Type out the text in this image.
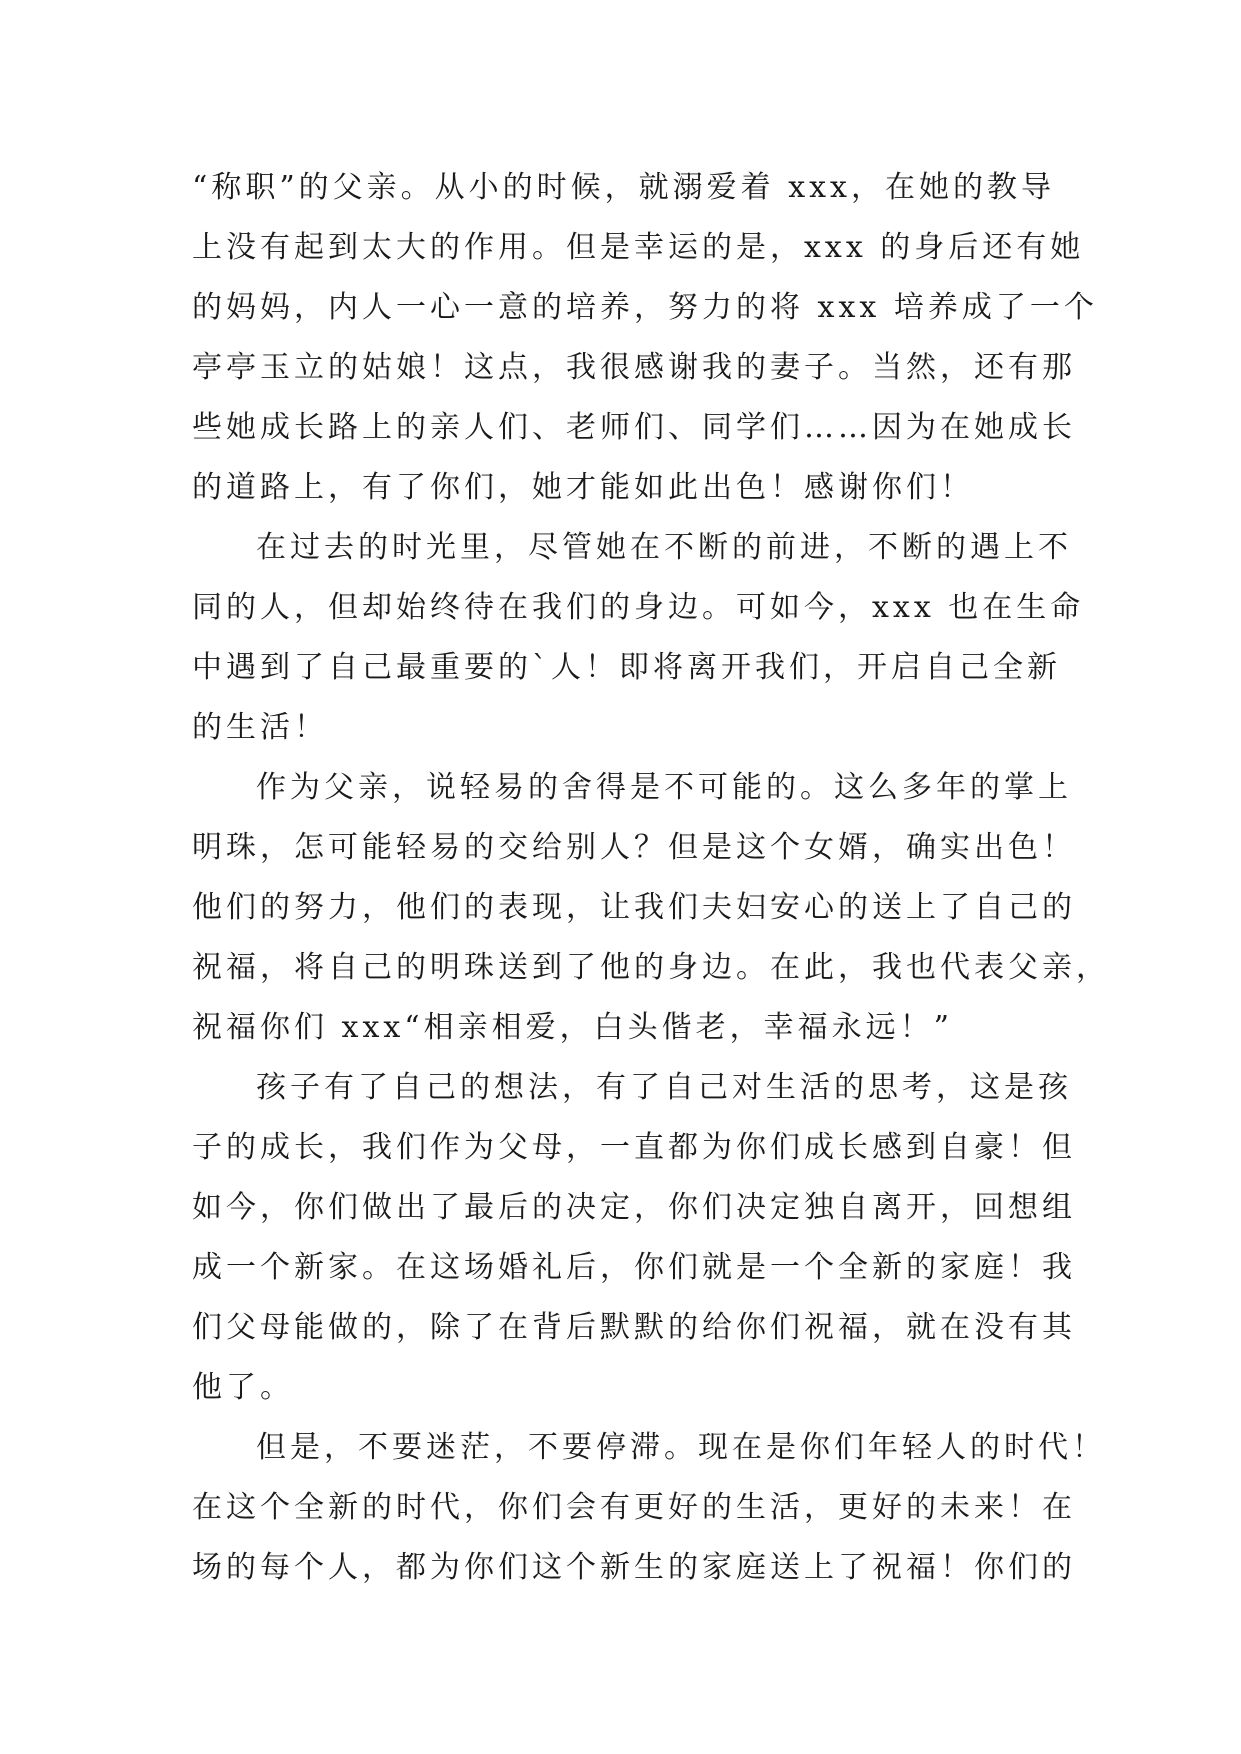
“称职”的父亲。从小的时候，就溺爱着 xxx，在她的教导
上没有起到太大的作用。但是幸运的是，xxx 的身后还有她
的妈妈，内人一心一意的培养，努力的将 xxx 培养成了一个
亭亭玉立的姑娘！这点，我很感谢我的妻子。当然，还有那
些她成长路上的亲人们、老师们、同学们……因为在她成长
的道路上，有了你们，她才能如此出色！感谢你们！
在过去的时光里，尽管她在不断的前进，不断的遇上不
同的人，但却始终待在我们的身边。可如今，xxx 也在生命
中遇到了自己最重要的`人！即将离开我们，开启自己全新
的生活！
作为父亲，说轻易的舍得是不可能的。这么多年的掌上
明珠，怎可能轻易的交给别人？但是这个女婿，确实出色！
他们的努力，他们的表现，让我们夫妇安心的送上了自己的
祝福，将自己的明珠送到了他的身边。在此，我也代表父亲，
祝福你们 xxx“相亲相爱，白头偕老，幸福永远！”
孩子有了自己的想法，有了自己对生活的思考，这是孩
子的成长，我们作为父母，一直都为你们成长感到自豪！但
如今，你们做出了最后的决定，你们决定独自离开，回想组
成一个新家。在这场婚礼后，你们就是一个全新的家庭！我
们父母能做的，除了在背后默默的给你们祝福，就在没有其
他了。
但是，不要迷茫，不要停滞。现在是你们年轻人的时代！
在这个全新的时代，你们会有更好的生活，更好的未来！在
场的每个人，都为你们这个新生的家庭送上了祝福！你们的
